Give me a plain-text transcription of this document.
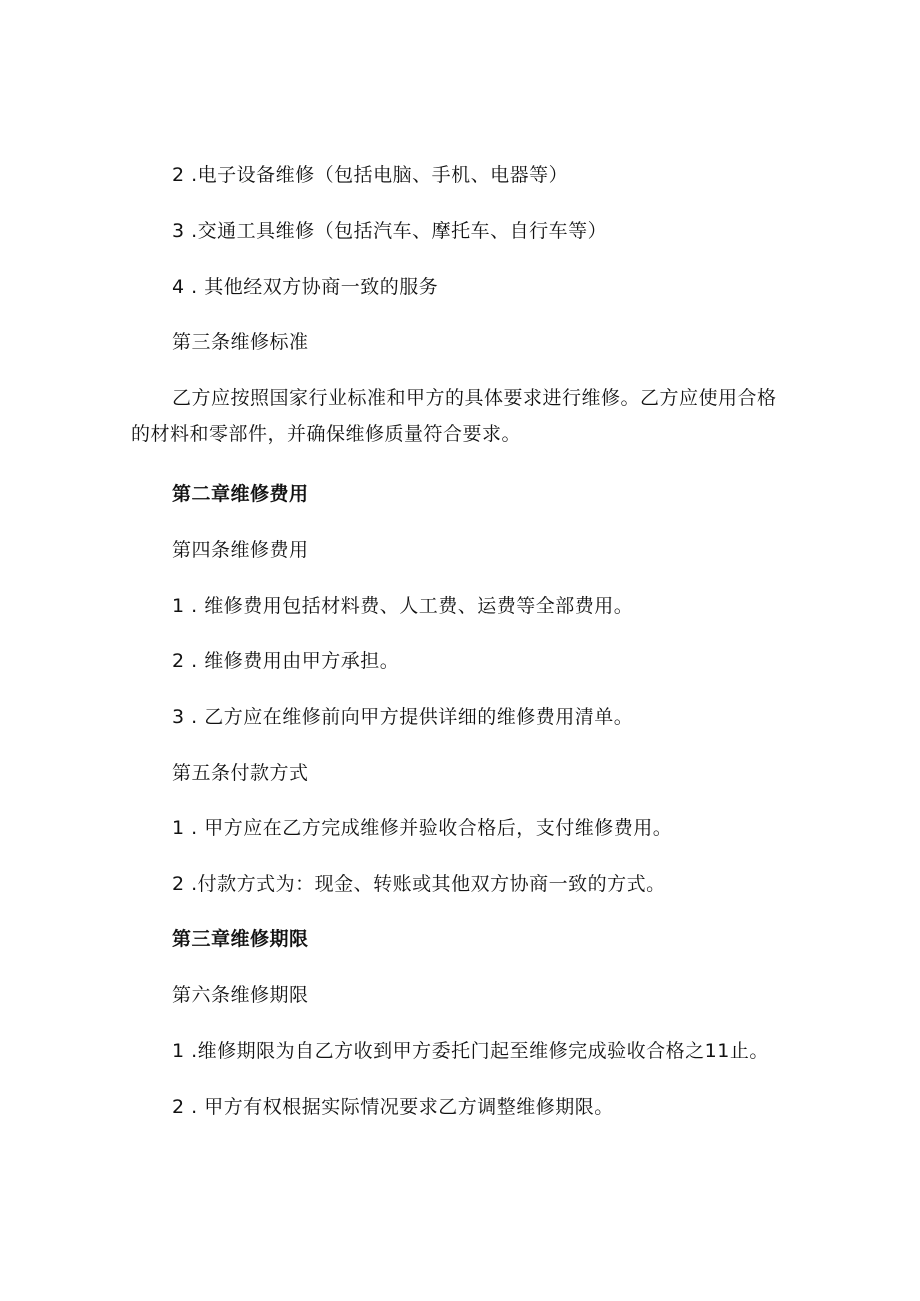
2 .电子设备维修（包括电脑、手机、电器等）
3 .交通工具维修（包括汽车、摩托车、自行车等）
4 . 其他经双方协商一致的服务
第三条维修标准
乙方应按照国家行业标准和甲方的具体要求进行维修。乙方应使用合格的材料和零部件，并确保维修质量符合要求。
第二章维修费用
第四条维修费用
1 . 维修费用包括材料费、人工费、运费等全部费用。
2 . 维修费用由甲方承担。
3 . 乙方应在维修前向甲方提供详细的维修费用清单。
第五条付款方式
1 . 甲方应在乙方完成维修并验收合格后，支付维修费用。
2 .付款方式为：现金、转账或其他双方协商一致的方式。
第三章维修期限
第六条维修期限
1 .维修期限为自乙方收到甲方委托门起至维修完成验收合格之11止。
2 . 甲方有权根据实际情况要求乙方调整维修期限。
